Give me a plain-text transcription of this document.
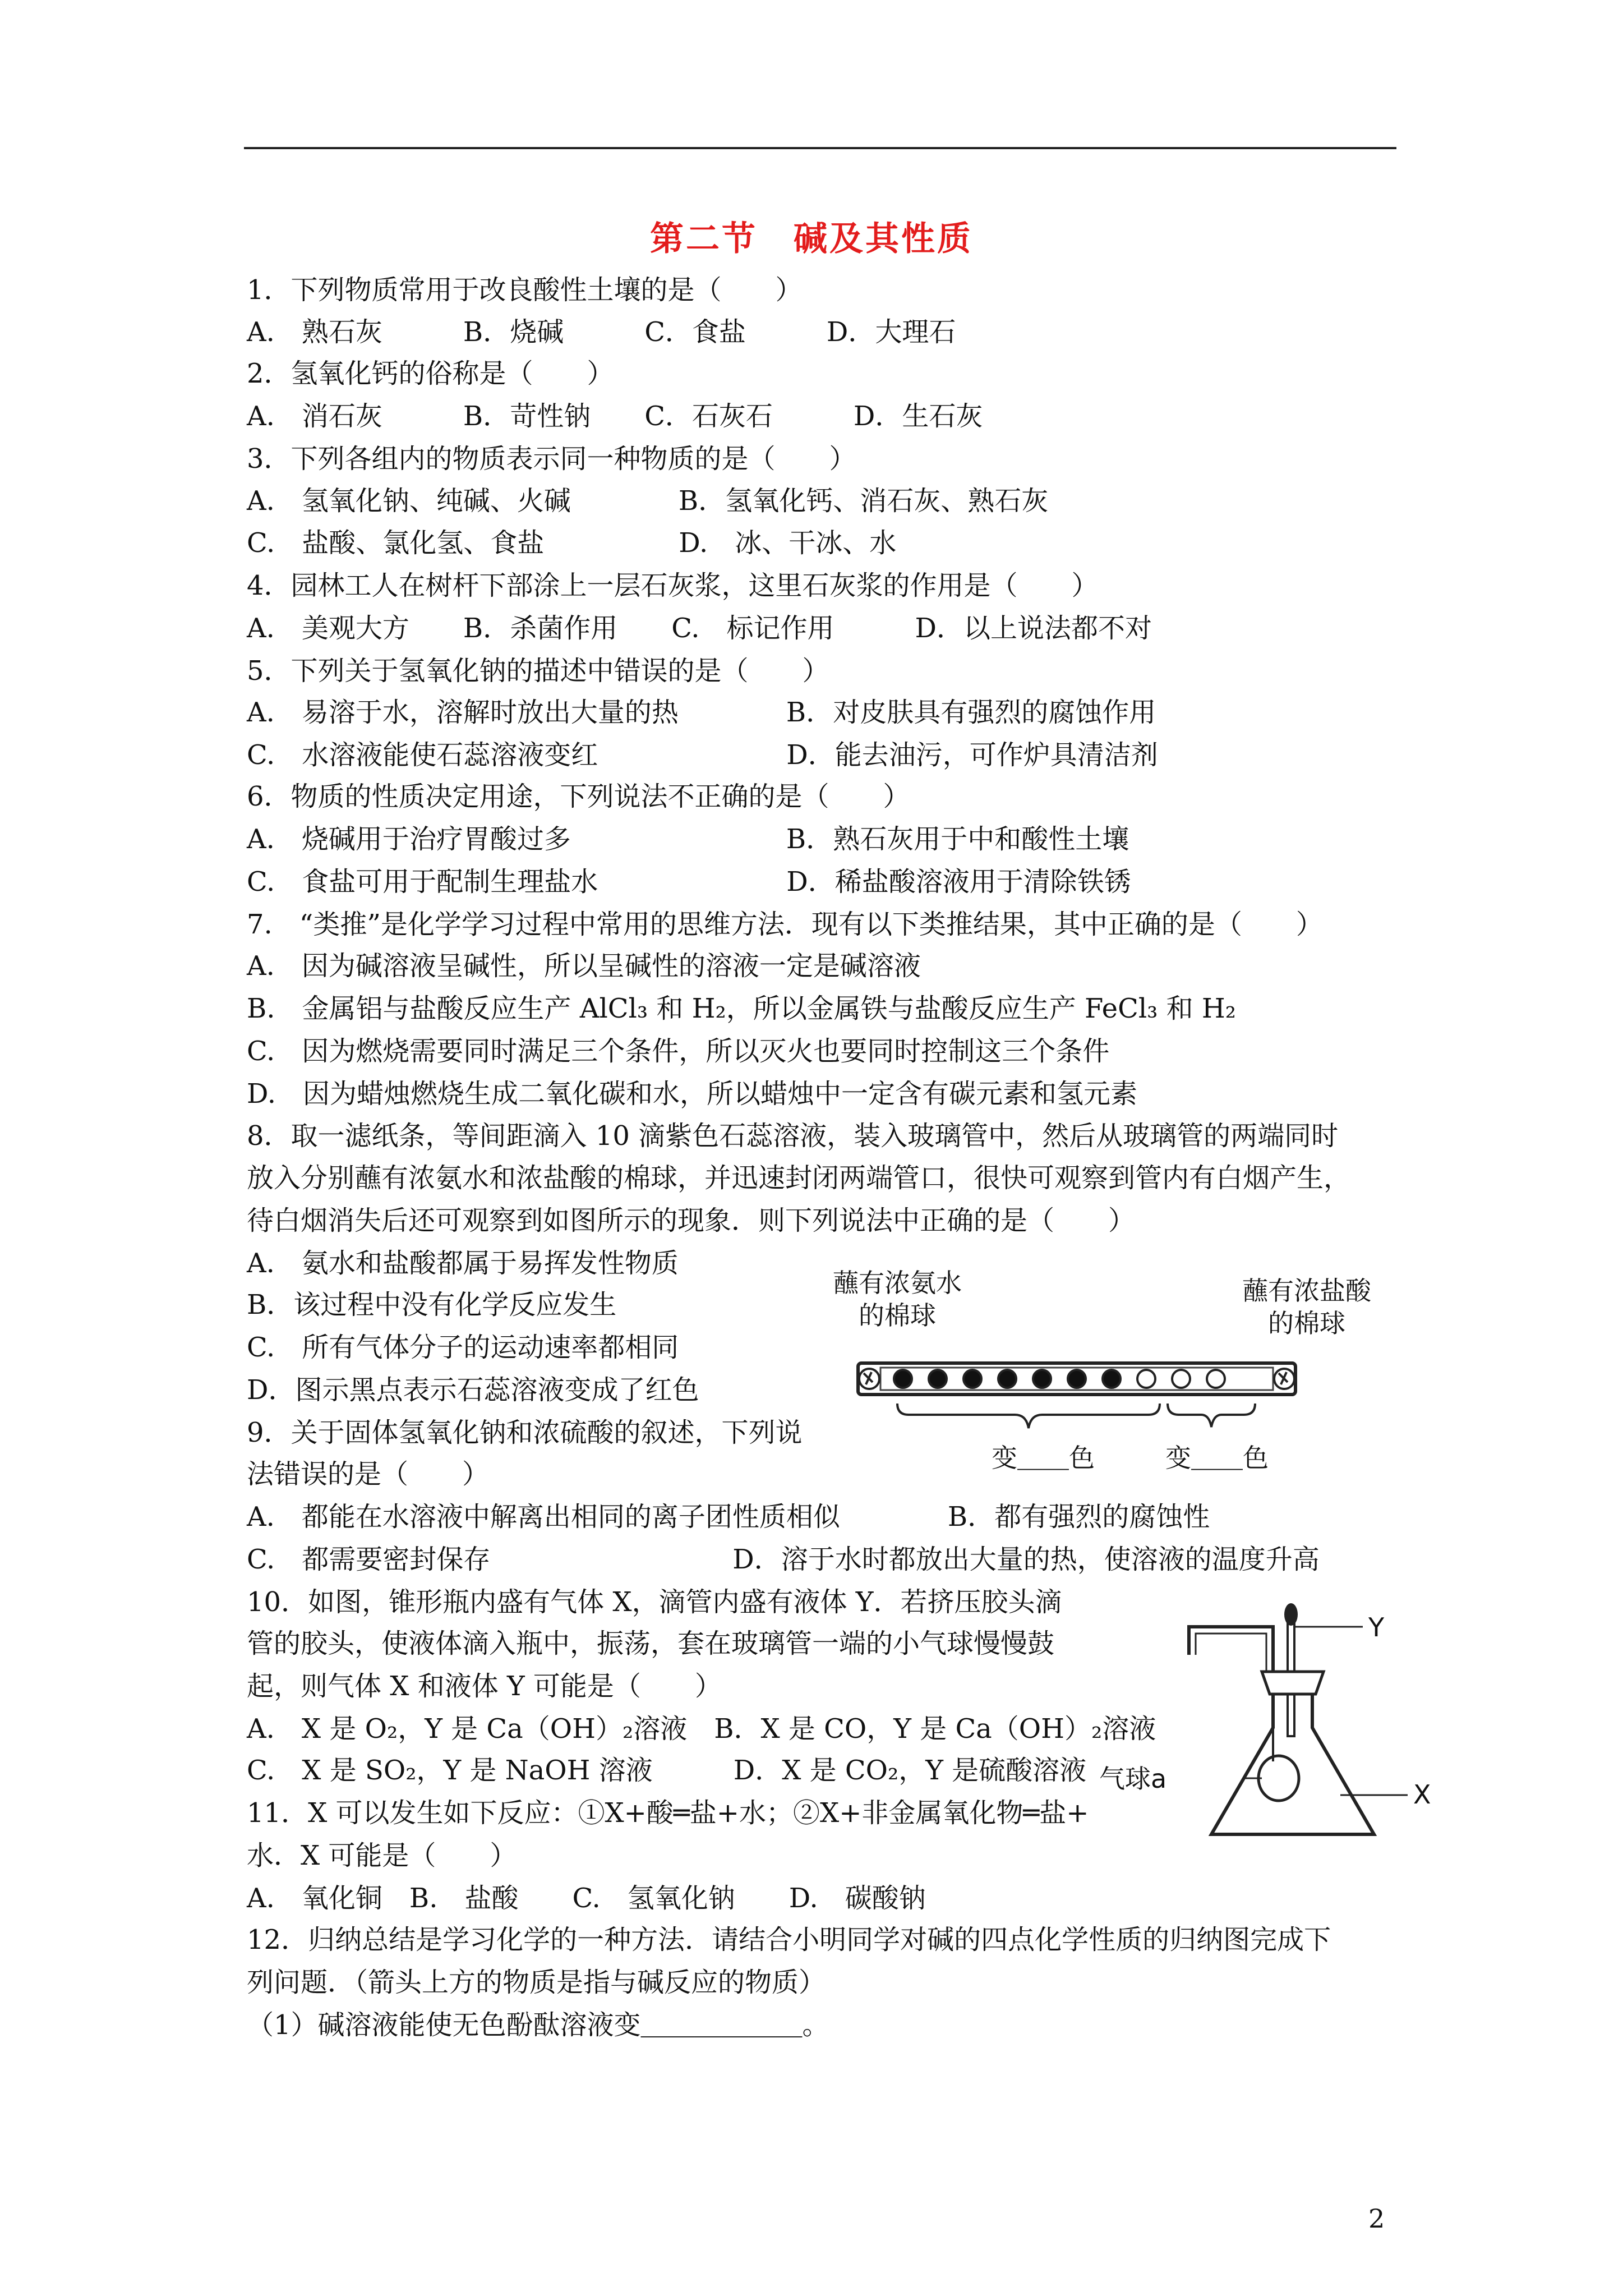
第二节　碱及其性质
1．下列物质常用于改良酸性土壤的是（　　）
A.　熟石灰　　　B．烧碱　　　C．食盐　　　D．大理石
2．氢氧化钙的俗称是（　　）
A.　消石灰　　　B．苛性钠　　C．石灰石　　　D．生石灰
3．下列各组内的物质表示同一种物质的是（　　）
A.　氢氧化钠、纯碱、火碱　　　　B．氢氧化钙、消石灰、熟石灰
C.　盐酸、氯化氢、食盐　　　　　D.　冰、干冰、水
4．园林工人在树杆下部涂上一层石灰浆，这里石灰浆的作用是（　　）
A.　美观大方　　B．杀菌作用　　C.　标记作用　　　D．以上说法都不对
5．下列关于氢氧化钠的描述中错误的是（　　）
A.　易溶于水，溶解时放出大量的热　　　　B．对皮肤具有强烈的腐蚀作用
C.　水溶液能使石蕊溶液变红　　　　　　　D．能去油污，可作炉具清洁剂
6．物质的性质决定用途，下列说法不正确的是（　　）
A.　烧碱用于治疗胃酸过多　　　　　　　　B．熟石灰用于中和酸性土壤
C.　食盐可用于配制生理盐水　　　　　　　D．稀盐酸溶液用于清除铁锈
7.　“类推”是化学学习过程中常用的思维方法．现有以下类推结果，其中正确的是（　　）
A.　因为碱溶液呈碱性，所以呈碱性的溶液一定是碱溶液
B.　金属铝与盐酸反应生产 AlCl₃ 和 H₂，所以金属铁与盐酸反应生产 FeCl₃ 和 H₂
C.　因为燃烧需要同时满足三个条件，所以灭火也要同时控制这三个条件
D.　因为蜡烛燃烧生成二氧化碳和水，所以蜡烛中一定含有碳元素和氢元素
8．取一滤纸条，等间距滴入 10 滴紫色石蕊溶液，装入玻璃管中，然后从玻璃管的两端同时
放入分别蘸有浓氨水和浓盐酸的棉球，并迅速封闭两端管口，很快可观察到管内有白烟产生，
待白烟消失后还可观察到如图所示的现象．则下列说法中正确的是（　　）
A.　氨水和盐酸都属于易挥发性物质
B．该过程中没有化学反应发生
C.　所有气体分子的运动速率都相同
D．图示黑点表示石蕊溶液变成了红色
9．关于固体氢氧化钠和浓硫酸的叙述，下列说
法错误的是（　　）
A.　都能在水溶液中解离出相同的离子团性质相似　　　　B．都有强烈的腐蚀性
C.　都需要密封保存　　　　　　　　　D．溶于水时都放出大量的热，使溶液的温度升高
10．如图，锥形瓶内盛有气体 X，滴管内盛有液体 Y．若挤压胶头滴
管的胶头，使液体滴入瓶中，振荡，套在玻璃管一端的小气球慢慢鼓
起，则气体 X 和液体 Y 可能是（　　）
A.　X 是 O₂，Y 是 Ca（OH）₂溶液　B．X 是 CO，Y 是 Ca（OH）₂溶液
C.　X 是 SO₂，Y 是 NaOH 溶液　　　D．X 是 CO₂，Y 是硫酸溶液
11．X 可以发生如下反应：①X+酸═盐+水；②X+非金属氧化物═盐+
水．X 可能是（　　）
A.　氧化铜　B.　盐酸　　C.　氢氧化钠　　D.　碳酸钠
12．归纳总结是学习化学的一种方法．请结合小明同学对碱的四点化学性质的归纳图完成下
列问题．（箭头上方的物质是指与碱反应的物质）
（1）碱溶液能使无色酚酞溶液变＿＿＿＿＿＿。
蘸有浓氨水
的棉球
蘸有浓盐酸
的棉球
变＿＿色	变＿＿色
Y
气球a
X
2
